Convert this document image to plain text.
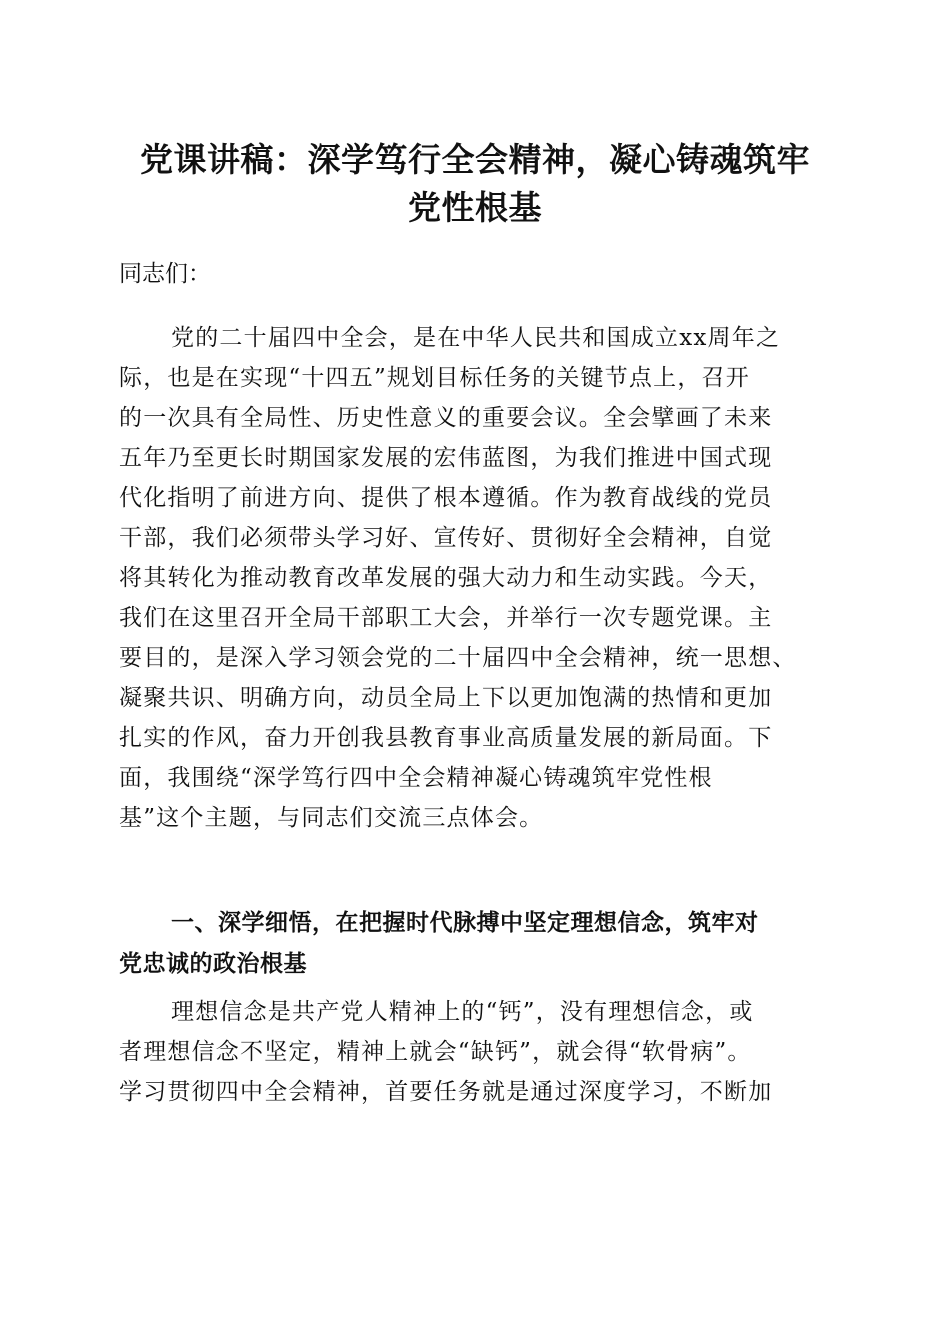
党课讲稿：深学笃行全会精神，凝心铸魂筑牢
党性根基
同志们：
党的二十届四中全会，是在中华人民共和国成立xx周年之
际，也是在实现“十四五”规划目标任务的关键节点上，召开
的一次具有全局性、历史性意义的重要会议。全会擘画了未来
五年乃至更长时期国家发展的宏伟蓝图，为我们推进中国式现
代化指明了前进方向、提供了根本遵循。作为教育战线的党员
干部，我们必须带头学习好、宣传好、贯彻好全会精神，自觉
将其转化为推动教育改革发展的强大动力和生动实践。今天，
我们在这里召开全局干部职工大会，并举行一次专题党课。主
要目的，是深入学习领会党的二十届四中全会精神，统一思想、
凝聚共识、明确方向，动员全局上下以更加饱满的热情和更加
扎实的作风，奋力开创我县教育事业高质量发展的新局面。下
面，我围绕“深学笃行四中全会精神凝心铸魂筑牢党性根
基”这个主题，与同志们交流三点体会。
一、深学细悟，在把握时代脉搏中坚定理想信念，筑牢对
党忠诚的政治根基
理想信念是共产党人精神上的“钙”，没有理想信念，或
者理想信念不坚定，精神上就会“缺钙”，就会得“软骨病”。
学习贯彻四中全会精神，首要任务就是通过深度学习，不断加
